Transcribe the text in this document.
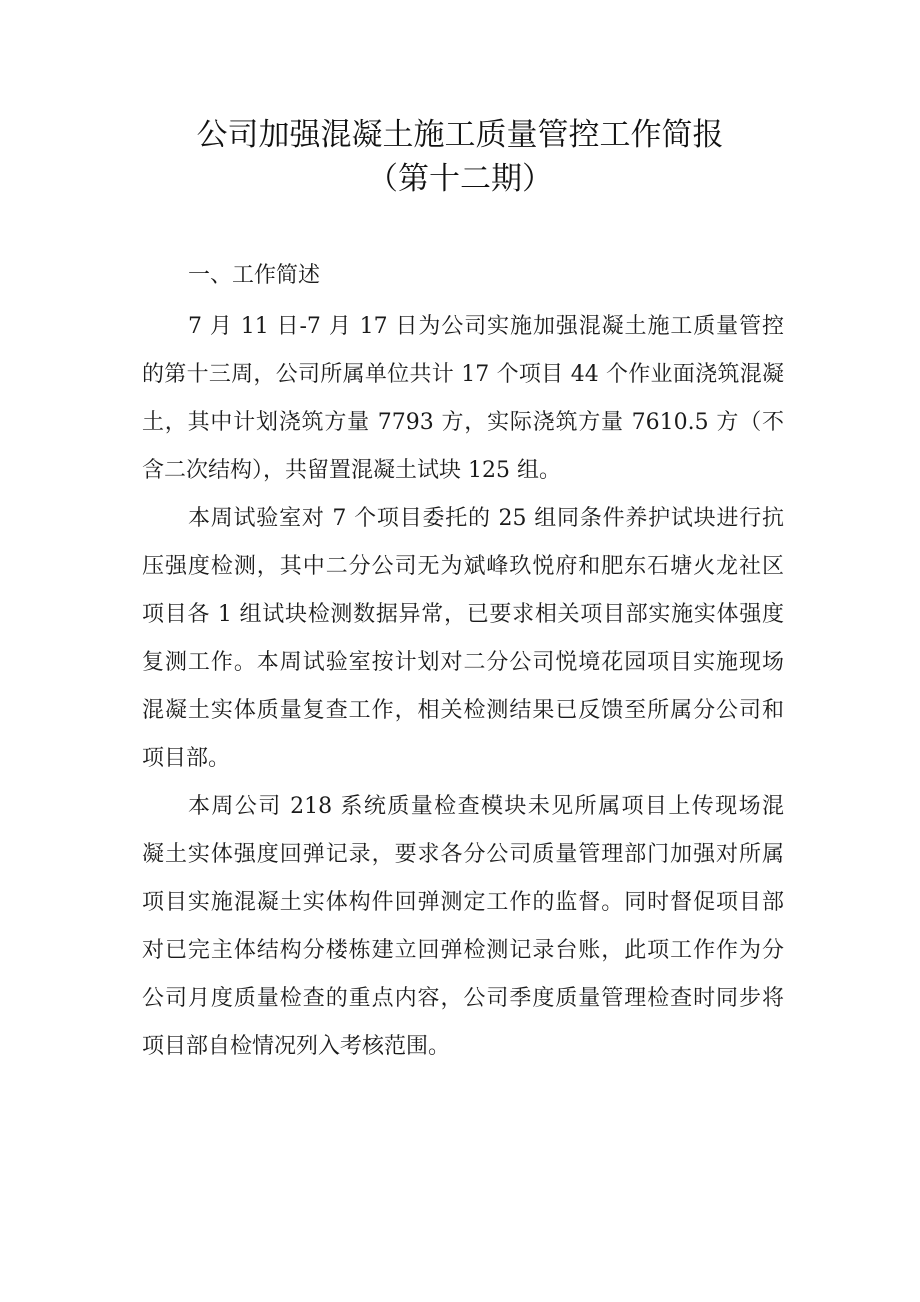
公司加强混凝土施工质量管控工作简报
（第十二期）
一、工作简述
7 月 11 日-7 月 17 日为公司实施加强混凝土施工质量管控
的第十三周，公司所属单位共计 17 个项目 44 个作业面浇筑混凝
土，其中计划浇筑方量 7793 方，实际浇筑方量 7610.5 方（不
含二次结构），共留置混凝土试块 125 组。
本周试验室对 7 个项目委托的 25 组同条件养护试块进行抗
压强度检测，其中二分公司无为斌峰玖悦府和肥东石塘火龙社区
项目各 1 组试块检测数据异常，已要求相关项目部实施实体强度
复测工作。本周试验室按计划对二分公司悦境花园项目实施现场
混凝土实体质量复查工作，相关检测结果已反馈至所属分公司和
项目部。
本周公司 218 系统质量检查模块未见所属项目上传现场混
凝土实体强度回弹记录，要求各分公司质量管理部门加强对所属
项目实施混凝土实体构件回弹测定工作的监督。同时督促项目部
对已完主体结构分楼栋建立回弹检测记录台账，此项工作作为分
公司月度质量检查的重点内容，公司季度质量管理检查时同步将
项目部自检情况列入考核范围。
